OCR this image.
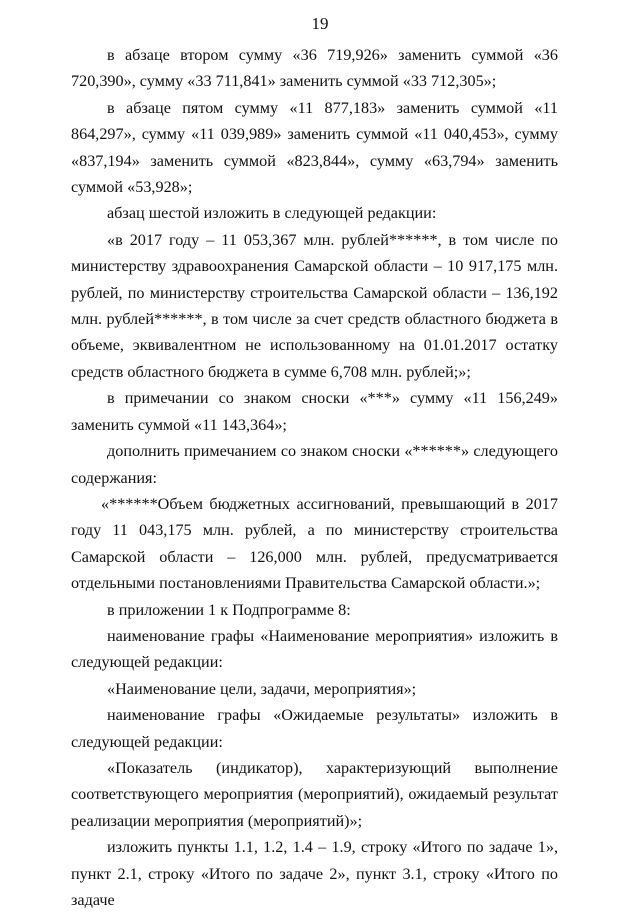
19

в абзаце втором сумму «36 719,926» заменить суммой «36 720,390», сумму «33 711,841» заменить суммой «33 712,305»;

в абзаце пятом сумму «11 877,183» заменить суммой «11 864,297», сумму «11 039,989» заменить суммой «11 040,453», сумму «837,194» заменить суммой «823,844», сумму «63,794» заменить суммой «53,928»;

абзац шестой изложить в следующей редакции:

«в 2017 году – 11 053,367 млн. рублей******, в том числе по министерству здравоохранения Самарской области – 10 917,175 млн. рублей, по министерству строительства Самарской области – 136,192 млн. рублей******, в том числе за счет средств областного бюджета в объеме, эквивалентном не использованному на 01.01.2017 остатку средств областного бюджета в сумме 6,708 млн. рублей;»;

в примечании со знаком сноски «***» сумму «11 156,249» заменить суммой «11 143,364»;

дополнить примечанием со знаком сноски «******» следующего содержания:

«******Объем бюджетных ассигнований, превышающий в 2017 году 11 043,175 млн. рублей, а по министерству строительства Самарской области – 126,000 млн. рублей, предусматривается отдельными постановлениями Правительства Самарской области.»;

в приложении 1 к Подпрограмме 8:

наименование графы «Наименование мероприятия» изложить в следующей редакции:

«Наименование цели, задачи, мероприятия»;

наименование графы «Ожидаемые результаты» изложить в следующей редакции:

«Показатель (индикатор), характеризующий выполнение соответствующего мероприятия (мероприятий), ожидаемый результат реализации мероприятия (мероприятий)»;

изложить пункты 1.1, 1.2, 1.4 – 1.9, строку «Итого по задаче 1», пункт 2.1, строку «Итого по задаче 2», пункт 3.1, строку «Итого по задаче
